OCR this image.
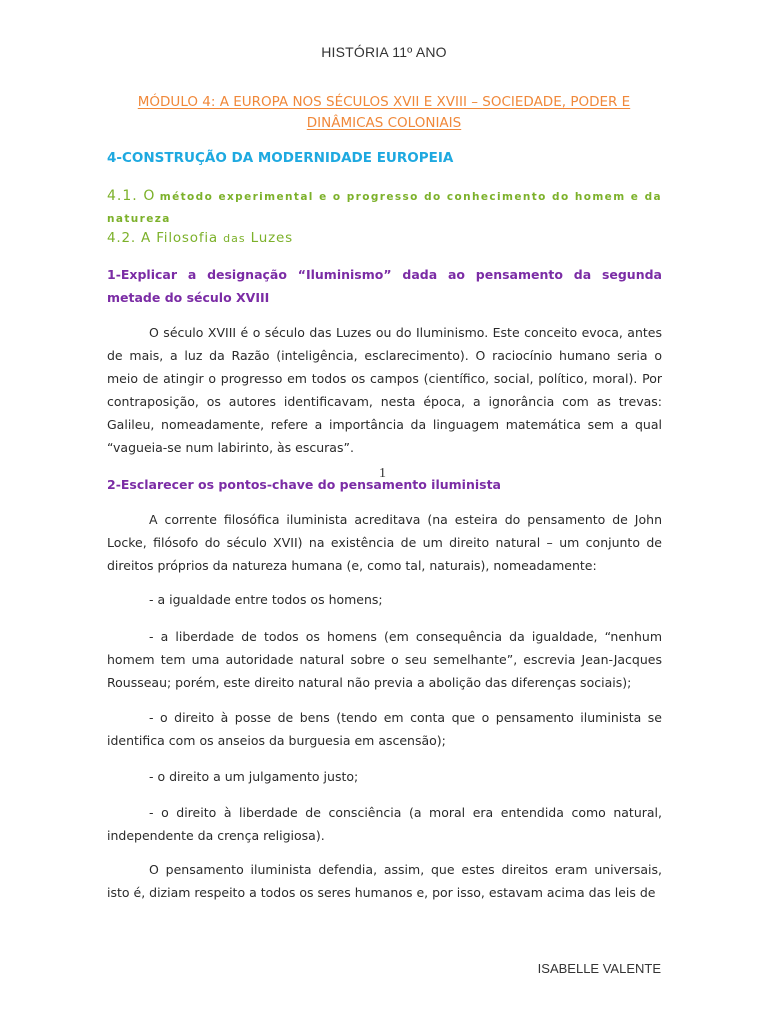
HISTÓRIA 11º ANO
MÓDULO 4: A EUROPA NOS SÉCULOS XVII E XVIII – SOCIEDADE, PODER E DINÂMICAS COLONIAIS
4-CONSTRUÇÃO DA MODERNIDADE EUROPEIA
4.1. O método experimental e o progresso do conhecimento do homem e da natureza
4.2. A Filosofia das Luzes
1-Explicar a designação “Iluminismo” dada ao pensamento da segunda metade do século XVIII

O século XVIII é o século das Luzes ou do Iluminismo. Este conceito evoca, antes de mais, a luz da Razão (inteligência, esclarecimento). O raciocínio humano seria o meio de atingir o progresso em todos os campos (científico, social, político, moral). Por contraposição, os autores identificavam, nesta época, a ignorância com as trevas: Galileu, nomeadamente, refere a importância da linguagem matemática sem a qual “vagueia-se num labirinto, às escuras”.

1
2-Esclarecer os pontos-chave do pensamento iluminista

A corrente filosófica iluminista acreditava (na esteira do pensamento de John Locke, filósofo do século XVII) na existência de um direito natural – um conjunto de direitos próprios da natureza humana (e, como tal, naturais), nomeadamente:

- a igualdade entre todos os homens;

- a liberdade de todos os homens (em consequência da igualdade, “nenhum homem tem uma autoridade natural sobre o seu semelhante”, escrevia Jean-Jacques Rousseau; porém, este direito natural não previa a abolição das diferenças sociais);

- o direito à posse de bens (tendo em conta que o pensamento iluminista se identifica com os anseios da burguesia em ascensão);

- o direito a um julgamento justo;

- o direito à liberdade de consciência (a moral era entendida como natural, independente da crença religiosa).

O pensamento iluminista defendia, assim, que estes direitos eram universais, isto é, diziam respeito a todos os seres humanos e, por isso, estavam acima das leis de

ISABELLE VALENTE
